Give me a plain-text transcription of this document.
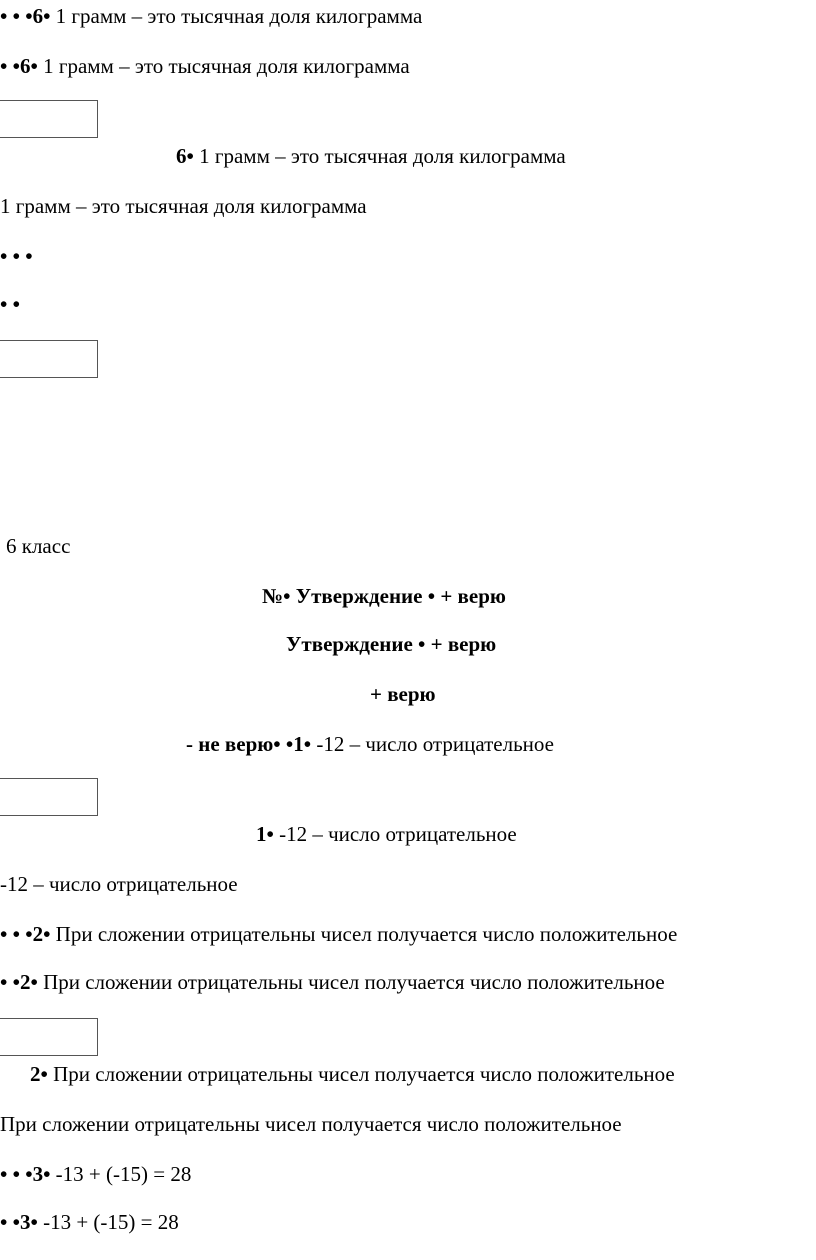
• • •6• 1 грамм – это тысячная доля килограмма
• •6• 1 грамм – это тысячная доля килограмма
6• 1 грамм – это тысячная доля килограмма
1 грамм – это тысячная доля килограмма
• • •
• •
6 класс
№• Утверждение • + верю
Утверждение • + верю
+ верю
- не верю• •1• -12 – число отрицательное
1• -12 – число отрицательное
-12 – число отрицательное
• • •2• При сложении отрицательны чисел получается число положительное
• •2• При сложении отрицательны чисел получается число положительное
2• При сложении отрицательны чисел получается число положительное
При сложении отрицательны чисел получается число положительное
• • •3• -13 + (-15) = 28
• •3• -13 + (-15) = 28
